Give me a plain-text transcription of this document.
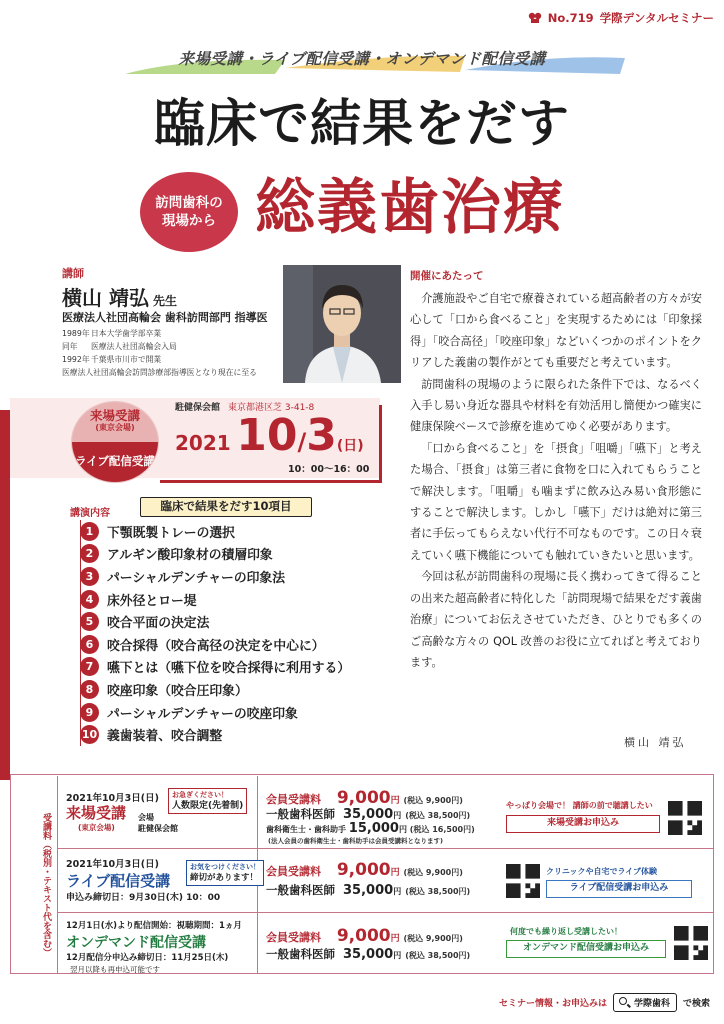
No.719 学際デンタルセミナー
来場受講・ライブ配信受講・オンデマンド配信受講
臨床で結果をだす
訪問歯科の
現場から 総義歯治療
講師
横山 靖弘 先生
医療法人社団高輪会 歯科訪問部門 指導医
1989年日本大学歯学部卒業
同年 医療法人社団高輪会入局
1992年千葉県市川市で開業
医療法人社団高輪会訪問診療部指導医となり現在に至る
開催にあたって

介護施設やご自宅で療養されている超高齢者の方々が安心して「口から食べること」を実現するためには「印象採得」「咬合高径」「咬座印象」などいくつかのポイントをクリアした義歯の製作がとても重要だと考えています。

訪問歯科の現場のように限られた条件下では、なるべく入手し易い身近な器具や材料を有効活用し簡便かつ確実に健康保険ベースで診療を進めてゆく必要があります。

「口から食べること」を「摂食」「咀嚼」「嚥下」と考えた場合、「摂食」は第三者に食物を口に入れてもらうことで解決します。「咀嚼」も噛まずに飲み込み易い食形態にすることで解決します。しかし「嚥下」だけは絶対に第三者に手伝ってもらえない代行不可なものです。この日々衰えていく嚥下機能についても触れていきたいと思います。

今回は私が訪問歯科の現場に長く携わってきて得ることの出来た超高齢者に特化した「訪問現場で結果をだす義歯治療」についてお伝えさせていただき、ひとりでも多くのご高齢な方々の QOL 改善のお役に立てればと考えております。

横山 靖弘
来場受講
(東京会場)
ライブ配信受講
駐健保会館 東京都港区芝 3-41-8
2021 10/3(日)
10：00～16：00
講演内容
臨床で結果をだす10項目
1	下顎既製トレーの選択
2	アルギン酸印象材の積層印象
3	パーシャルデンチャーの印象法
4	床外径とロー堤
5	咬合平面の決定法
6	咬合採得（咬合高径の決定を中心に）
7	嚥下とは（嚥下位を咬合採得に利用する）
8	咬座印象（咬合圧印象）
9	パーシャルデンチャーの咬座印象
10 義歯装着、咬合調整
受講料（税別・テキスト代を含む）
2021年10月3日(日)
来場受講
(東京会場)
会場
駐健保会館
お急ぎください！
人数限定(先着制) 会員受講料 9,000円 (税込 9,900円)
一般歯科医師 35,000円 (税込 38,500円)
歯科衛生士・歯科助手 15,000円 (税込 16,500円)
(法人会員の歯科衛生士・歯科助手は会員受講料となります)
やっぱり会場で！ 講師の前で聴講したい
来場受講お申込み
2021年10月3日(日)
ライブ配信受講
申込み締切日：9月30日(木) 10：00
お気をつけください！
締切があります！ 会員受講料 9,000円 (税込 9,900円)
一般歯科医師 35,000円 (税込 38,500円)
クリニックや自宅でライブ体験
ライブ配信受講お申込み
12月1日(水)より配信開始：視聴期間：1ヵ月
オンデマンド配信受講
12月配信分申込み締切日：11月25日(木)
翌月以降も再申込可能です
会員受講料 9,000円 (税込 9,900円)
一般歯科医師 35,000円 (税込 38,500円)
何度でも繰り返し受講したい！
オンデマンド配信受講お申込み
セミナー情報・お申込みは	学際歯科	で検索
